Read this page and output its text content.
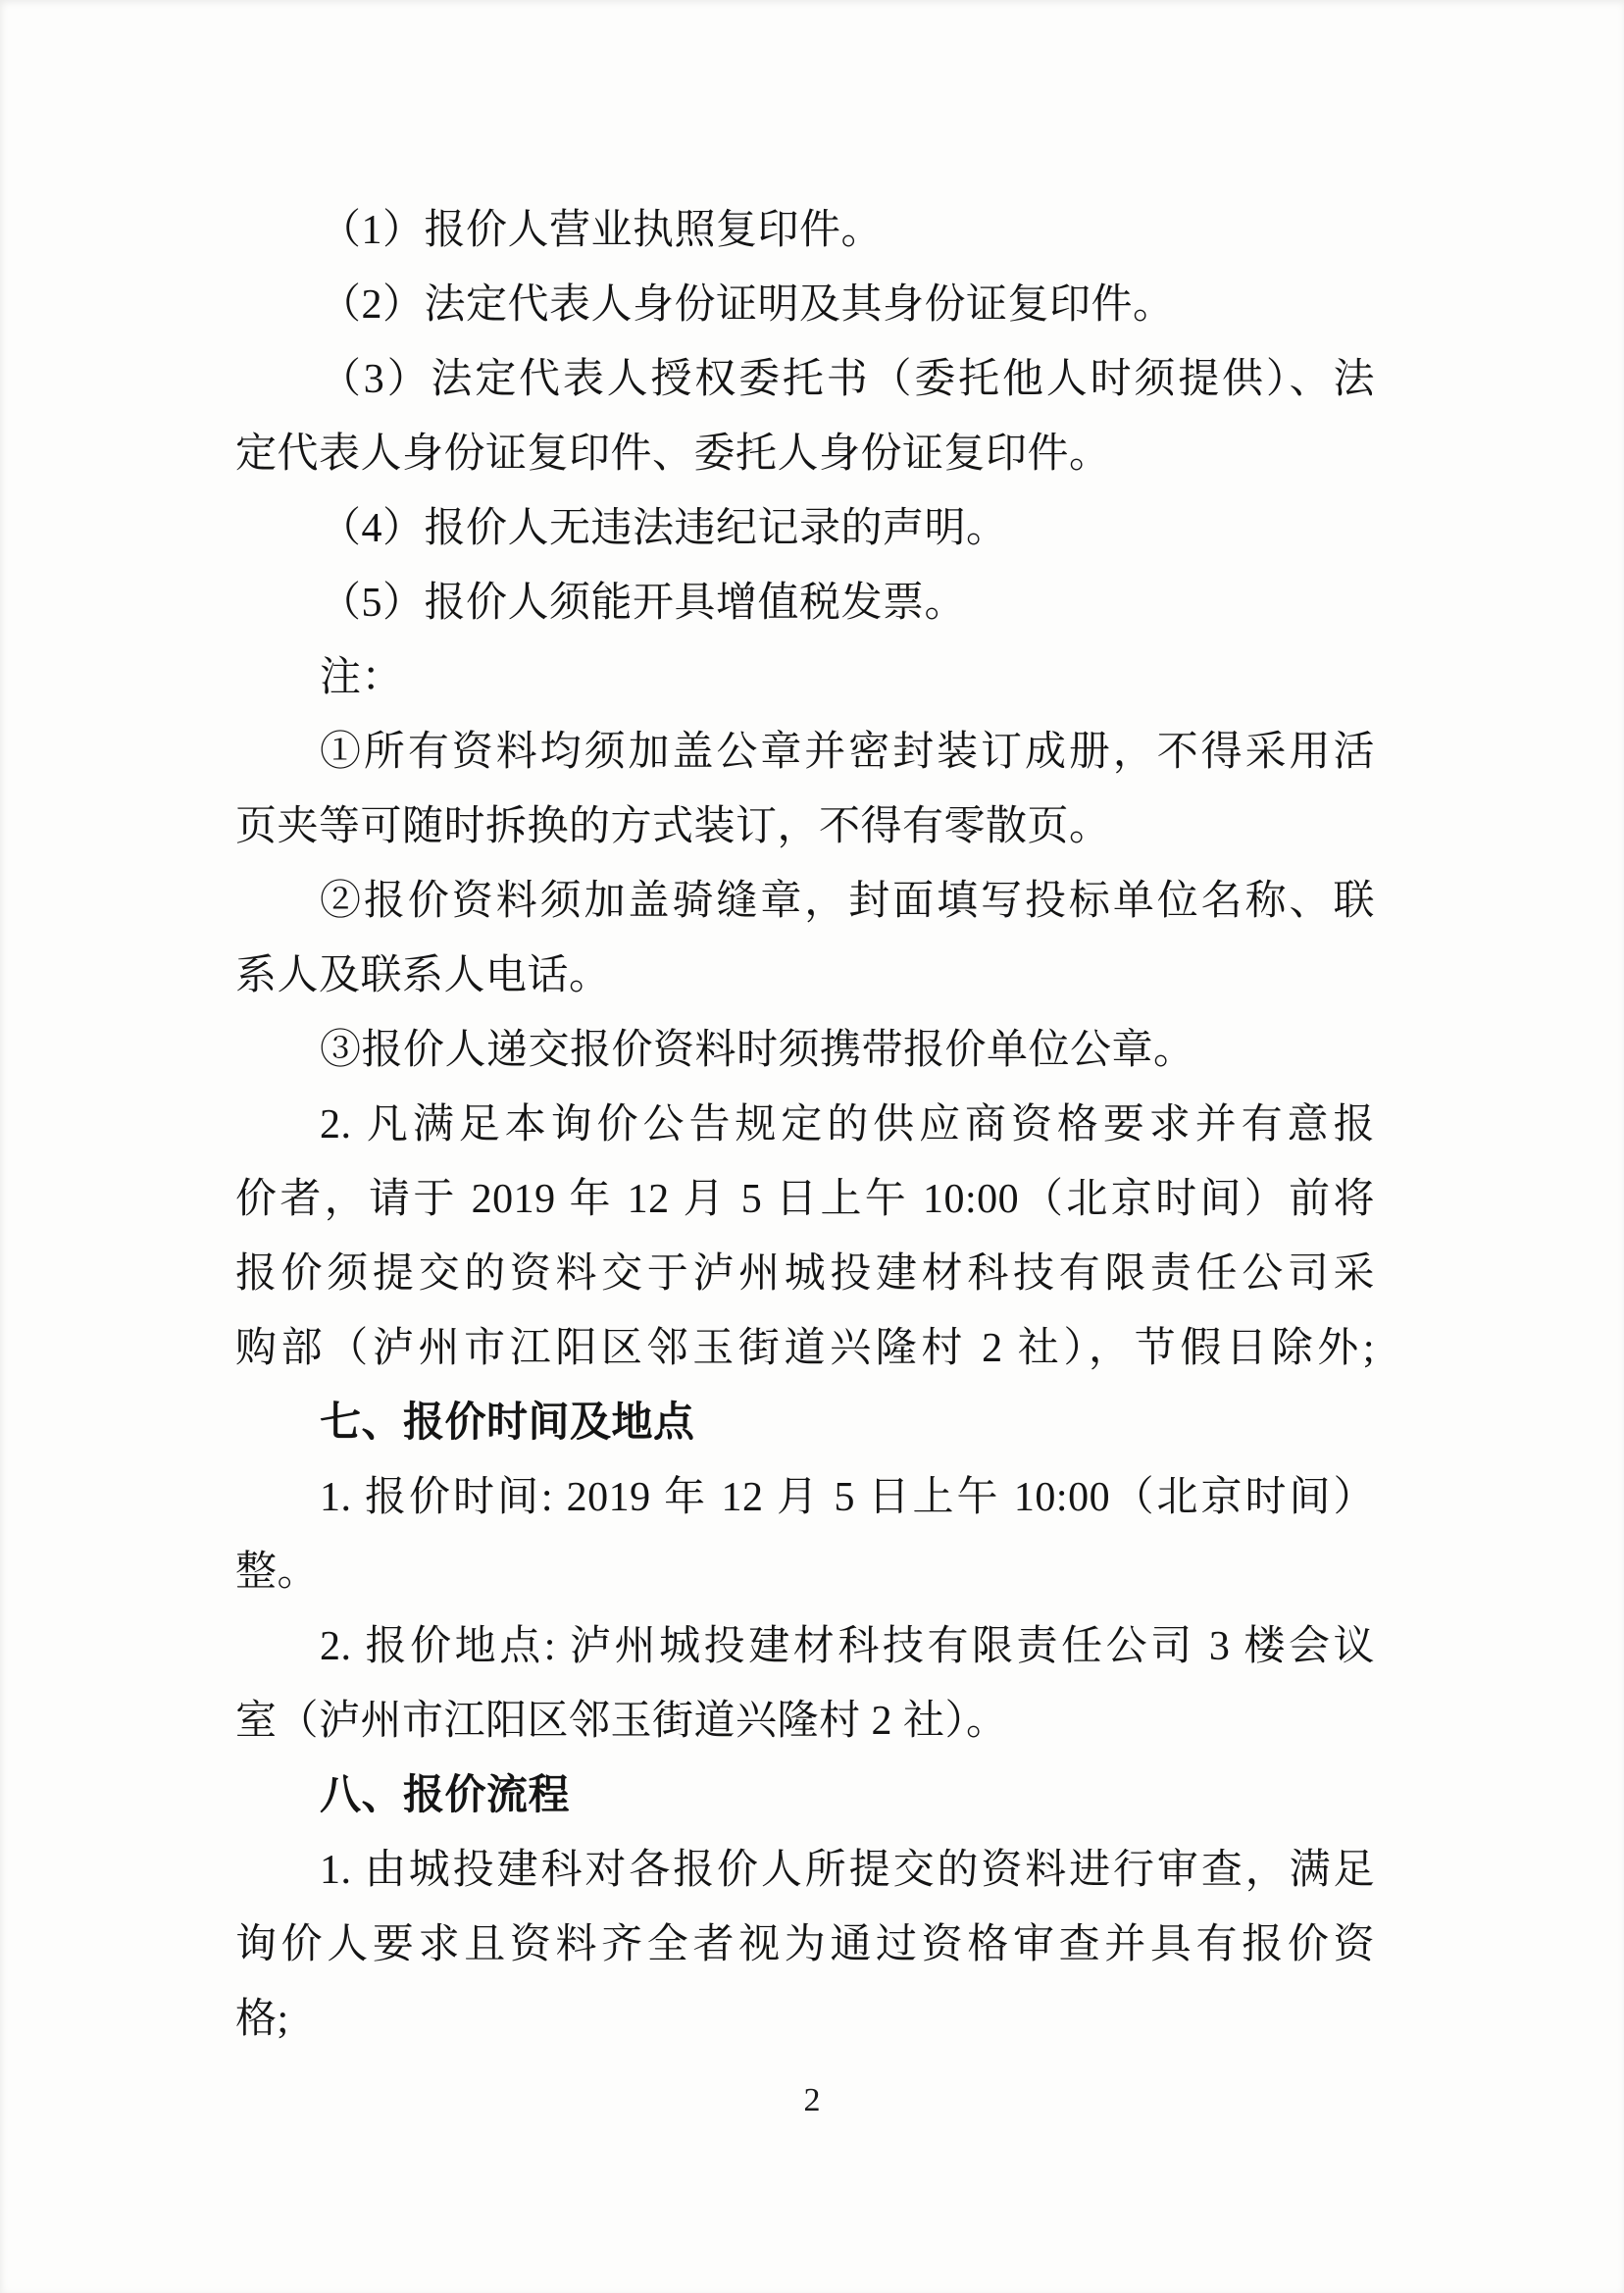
（1）报价人营业执照复印件。

（2）法定代表人身份证明及其身份证复印件。

（3）法定代表人授权委托书（委托他人时须提供）、法

定代表人身份证复印件、委托人身份证复印件。

（4）报价人无违法违纪记录的声明。

（5）报价人须能开具增值税发票。

注：

①所有资料均须加盖公章并密封装订成册，不得采用活

页夹等可随时拆换的方式装订，不得有零散页。

②报价资料须加盖骑缝章，封面填写投标单位名称、联

系人及联系人电话。

③报价人递交报价资料时须携带报价单位公章。

2. 凡满足本询价公告规定的供应商资格要求并有意报

价者，请于 2019 年 12 月 5 日上午 10:00（北京时间）前将

报价须提交的资料交于泸州城投建材科技有限责任公司采

购部（泸州市江阳区邻玉街道兴隆村 2 社），节假日除外;

七、报价时间及地点

1. 报价时间: 2019 年 12 月 5 日上午 10:00（北京时间）

整。

2. 报价地点: 泸州城投建材科技有限责任公司 3 楼会议

室（泸州市江阳区邻玉街道兴隆村 2 社）。

八、报价流程

1. 由城投建科对各报价人所提交的资料进行审查，满足

询价人要求且资料齐全者视为通过资格审查并具有报价资

格;

2
